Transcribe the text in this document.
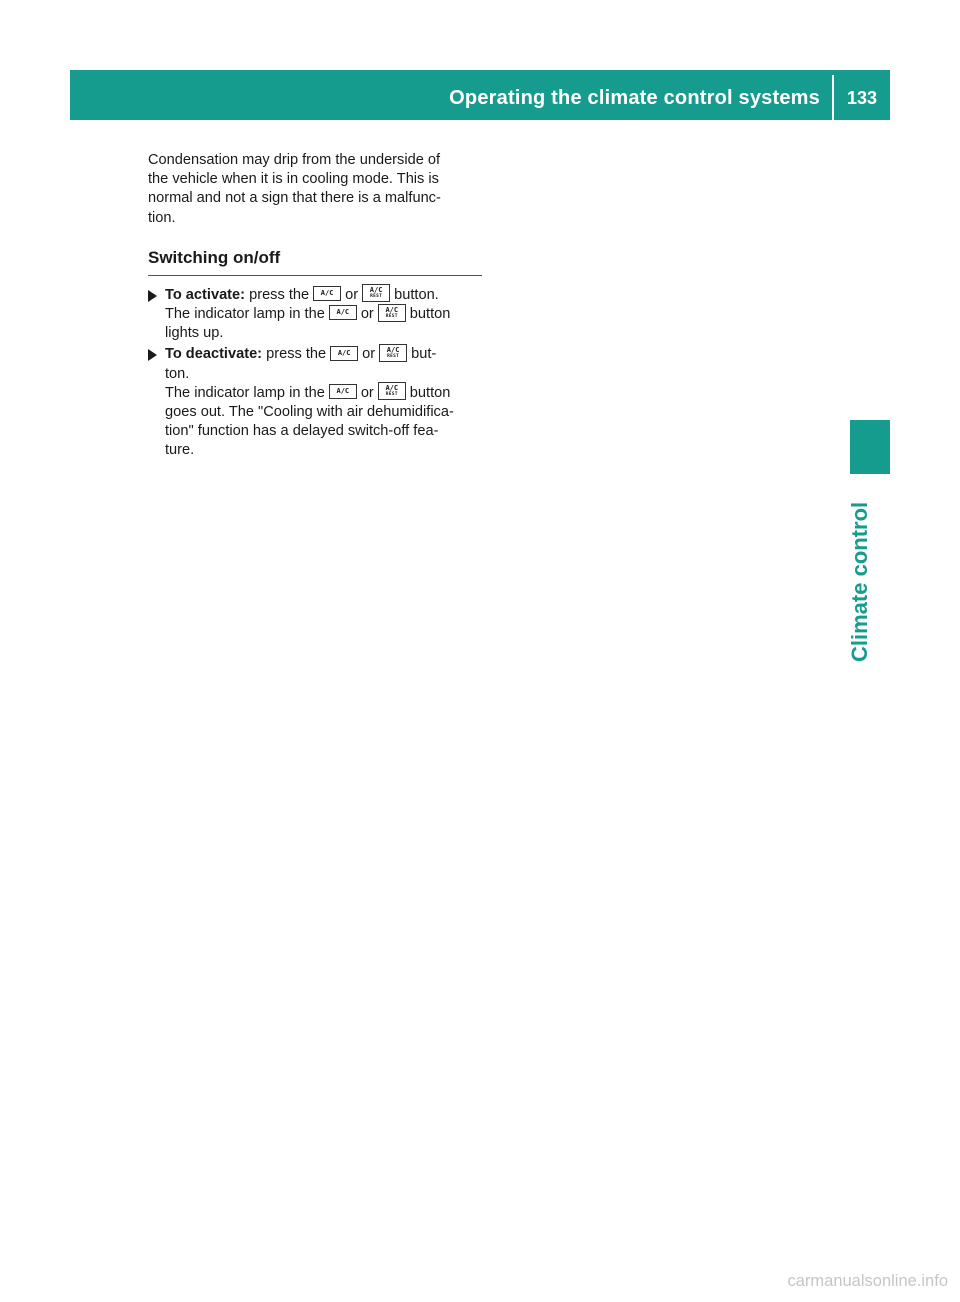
Operating the climate control systems	133
Climate control

Condensation may drip from the underside of
the vehicle when it is in cooling mode. This is
normal and not a sign that there is a malfunc-
tion.

Switching on/off
To activate: press the A/C or	A/C
REST button.
The indicator lamp in the A/C or	A/C
REST button
lights up.
To deactivate: press the A/C or	A/C
REST but-
ton.
The indicator lamp in the A/C or	A/C
REST button
goes out. The "Cooling with air dehumidifica-
tion" function has a delayed switch-off fea-
ture.
carmanualsonline.info
